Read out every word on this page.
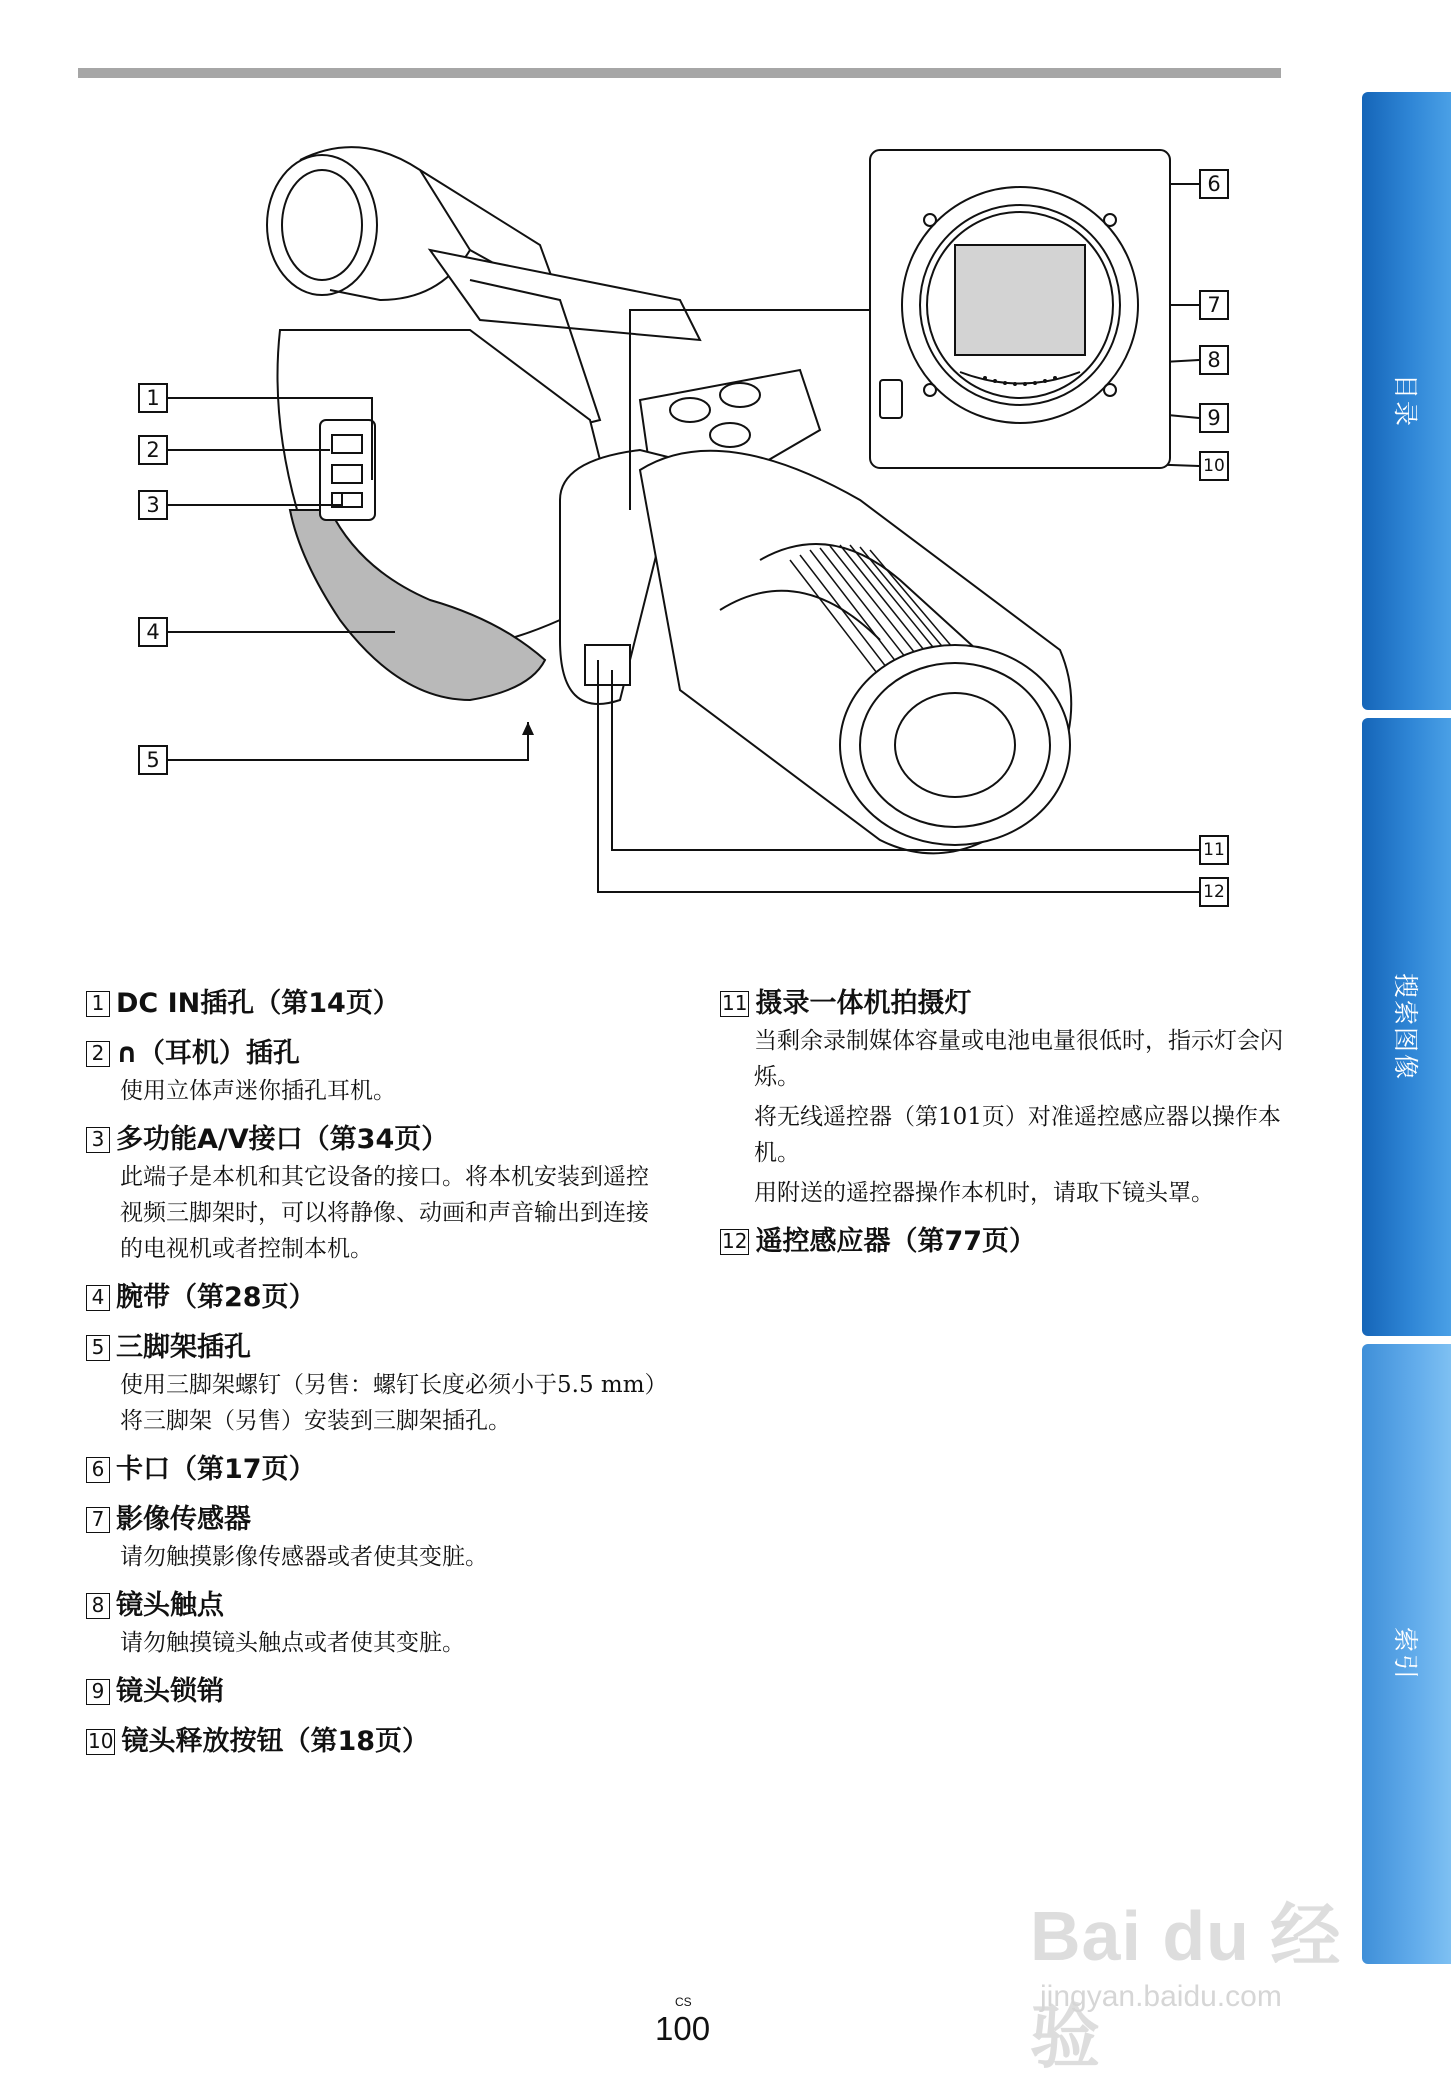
目录
搜索图像
索引
1
2
3
4
5
6
7
8
9
10
11
12
1 DC IN插孔（第14页）
2 ∩（耳机）插孔

使用立体声迷你插孔耳机。

3 多功能A/V接口（第34页）

此端子是本机和其它设备的接口。将本机安装到遥控视频三脚架时，可以将静像、动画和声音输出到连接的电视机或者控制本机。

4 腕带（第28页）
5 三脚架插孔

使用三脚架螺钉（另售：螺钉长度必须小于5.5 mm）将三脚架（另售）安装到三脚架插孔。

6 卡口（第17页）
7 影像传感器

请勿触摸影像传感器或者使其变脏。

8 镜头触点

请勿触摸镜头触点或者使其变脏。

9 镜头锁销
10 镜头释放按钮（第18页）
11 摄录一体机拍摄灯

当剩余录制媒体容量或电池电量很低时，指示灯会闪烁。

将无线遥控器（第101页）对准遥控感应器以操作本机。

用附送的遥控器操作本机时，请取下镜头罩。

12 遥控感应器（第77页）
CS
100
Bai du 经验
jingyan.baidu.com
